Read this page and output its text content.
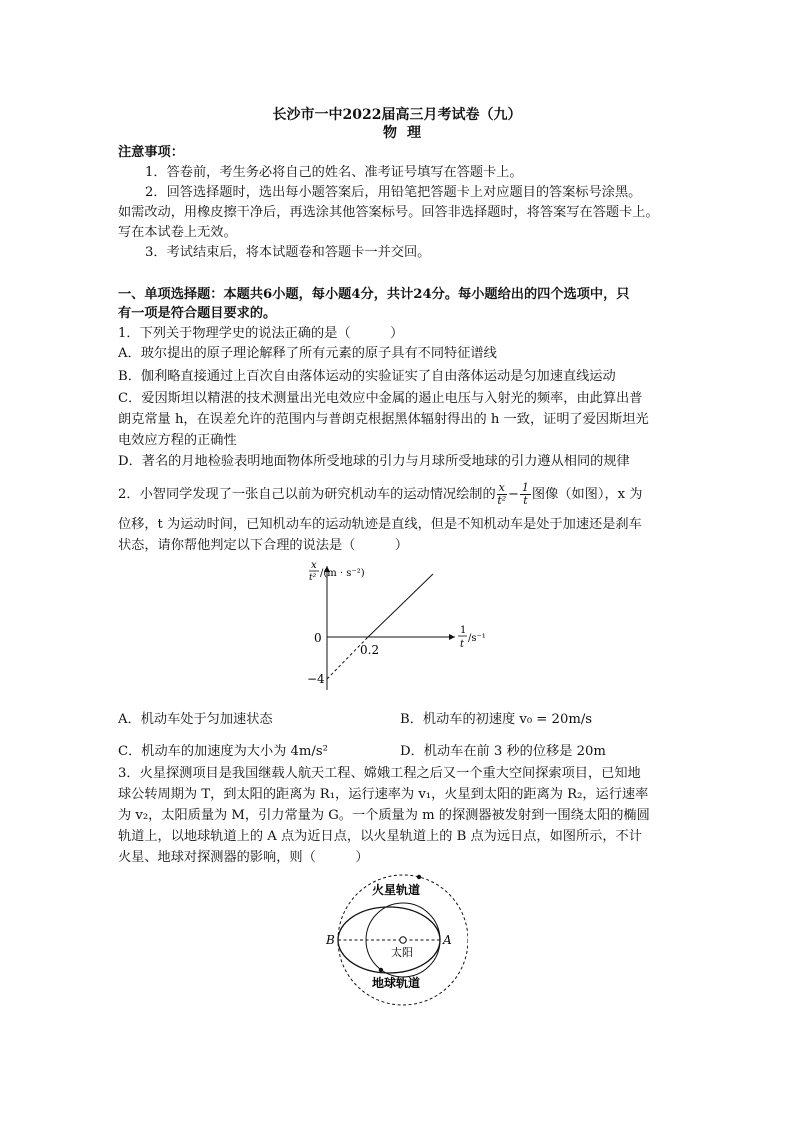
长沙市一中2022届高三月考试卷（九）
物理
注意事项：
1．答卷前，考生务必将自己的姓名、准考证号填写在答题卡上。
2．回答选择题时，选出每小题答案后，用铅笔把答题卡上对应题目的答案标号涂黑。
如需改动，用橡皮擦干净后，再选涂其他答案标号。回答非选择题时，将答案写在答题卡上。
写在本试卷上无效。
3．考试结束后，将本试题卷和答题卡一并交回。
一、单项选择题：本题共6小题，每小题4分，共计24分。每小题给出的四个选项中，只
有一项是符合题目要求的。
1．下列关于物理学史的说法正确的是（　　　）
A．玻尔提出的原子理论解释了所有元素的原子具有不同特征谱线
B．伽利略直接通过上百次自由落体运动的实验证实了自由落体运动是匀加速直线运动
C．爱因斯坦以精湛的技术测量出光电效应中金属的遏止电压与入射光的频率，由此算出普
朗克常量 h，在误差允许的范围内与普朗克根据黑体辐射得出的 h 一致，证明了爱因斯坦光
电效应方程的正确性
D．著名的月地检验表明地面物体所受地球的引力与月球所受地球的引力遵从相同的规律
2．小智同学发现了一张自己以前为研究机动车的运动情况绘制的 $\frac{x}{\text{t²}} - \frac{1}{t}$ 图像（如图），x 为
位移，t 为运动时间，已知机动车的运动轨迹是直线，但是不知机动车是处于加速还是刹车
状态，请你帮他判定以下合理的说法是（　　　）
x
t² /(m · s⁻²)
1
t
/s⁻¹
0
0.2
−4
A．机动车处于匀加速状态	B．机动车的初速度 v₀ = 20m/s
C．机动车的加速度为大小为 4m/s²	D．机动车在前 3 秒的位移是 20m
3．火星探测项目是我国继载人航天工程、嫦娥工程之后又一个重大空间探索项目，已知地
球公转周期为 T，到太阳的距离为 R₁，运行速率为 v₁，火星到太阳的距离为 R₂，运行速率
为 v₂，太阳质量为 M，引力常量为 G。一个质量为 m 的探测器被发射到一围绕太阳的椭圆
轨道上，以地球轨道上的 A 点为近日点，以火星轨道上的 B 点为远日点，如图所示，不计
火星、地球对探测器的影响，则（　　　）
火星轨道
地球轨道
太阳
B	A
